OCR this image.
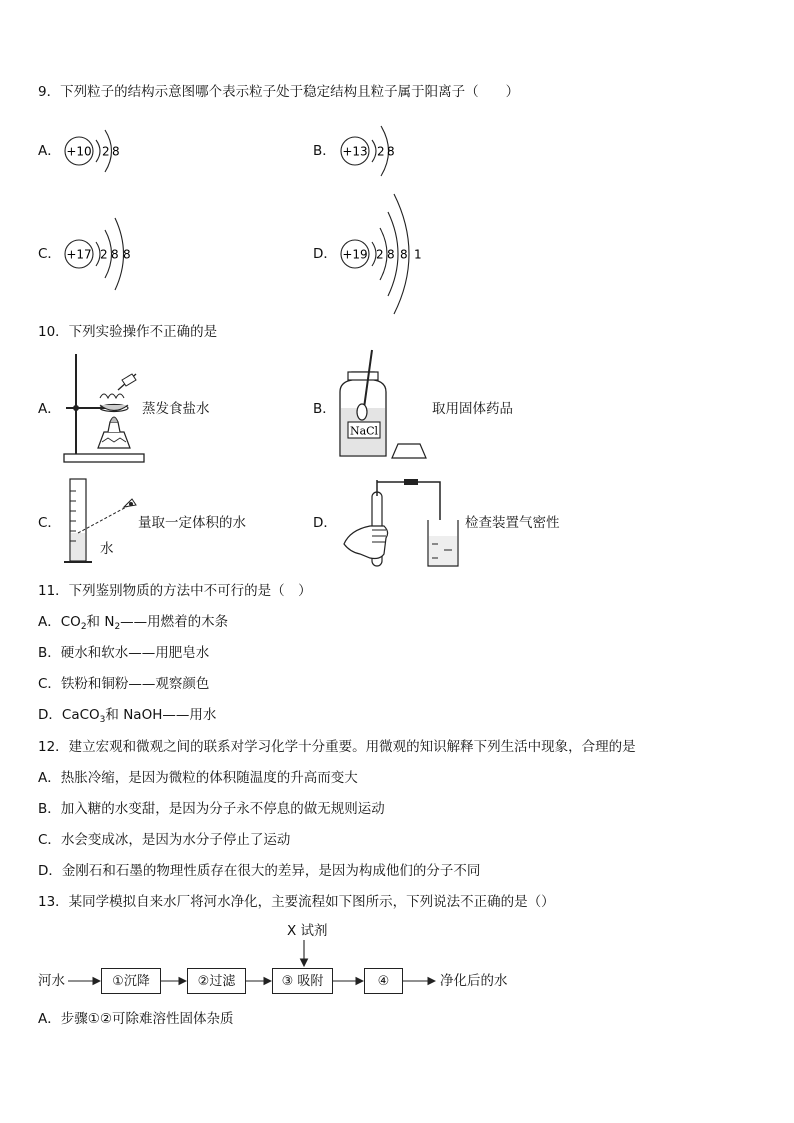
9．下列粒子的结构示意图哪个表示粒子处于稳定结构且粒子属于阳离子（　　）
A． +10 2 8	B． +13 2 8
C． +17 2 8 8	D． +19 2 8 8 1
10．下列实验操作不正确的是
A．	蒸发食盐水	B．
NaCl
取用固体药品
C．
水
量取一定体积的水	D．	检查装置气密性
11．下列鉴别物质的方法中不可行的是（　）
A．$CO_2$和 $N_2——$用燃着的木条
B．硬水和软水——用肥皂水
C．铁粉和铜粉——观察颜色
D．CaCO$_3$和 NaOH——用水
12．建立宏观和微观之间的联系对学习化学十分重要。用微观的知识解释下列生活中现象，合理的是
A．热胀冷缩，是因为微粒的体积随温度的升高而变大
B．加入糖的水变甜，是因为分子永不停息的做无规则运动
C．水会变成冰，是因为水分子停止了运动
D．金刚石和石墨的物理性质存在很大的差异，是因为构成他们的分子不同
13．某同学模拟自来水厂将河水净化，主要流程如下图所示，下列说法不正确的是（）
X 试剂
河水	①沉降	②过滤	③ 吸附	④	净化后的水
A．步骤①②可除难溶性固体杂质
